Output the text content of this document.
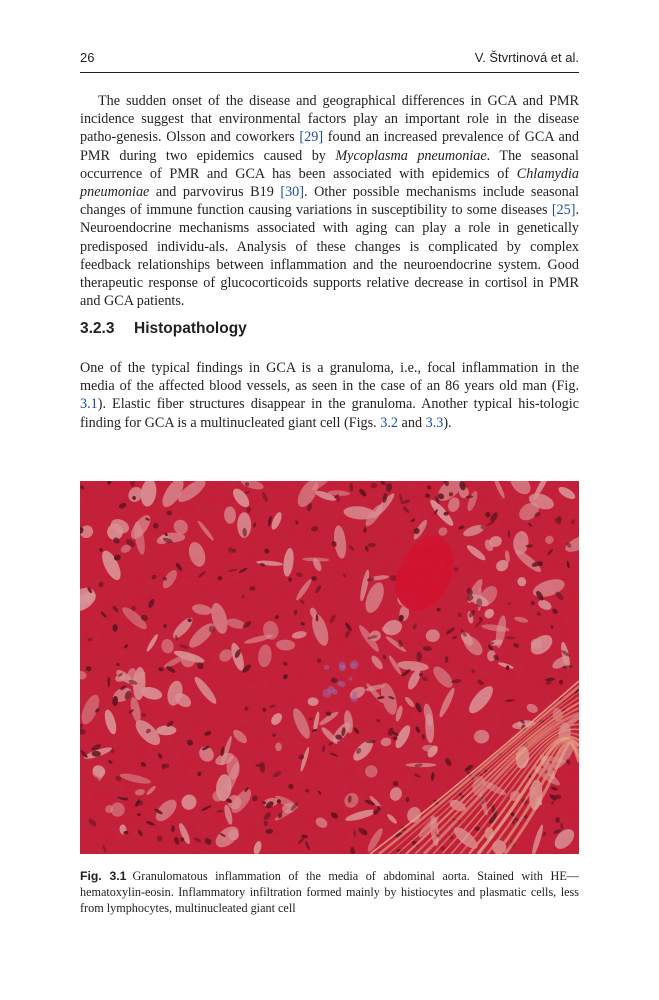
26	V. Štvrtinová et al.

The sudden onset of the disease and geographical differences in GCA and PMR incidence suggest that environmental factors play an important role in the disease patho-genesis. Olsson and coworkers [29] found an increased prevalence of GCA and PMR during two epidemics caused by Mycoplasma pneumoniae. The seasonal occurrence of PMR and GCA has been associated with epidemics of Chlamydia pneumoniae and parvovirus B19 [30]. Other possible mechanisms include seasonal changes of immune function causing variations in susceptibility to some diseases [25]. Neuroendocrine mechanisms associated with aging can play a role in genetically predisposed individu-als. Analysis of these changes is complicated by complex feedback relationships between inflammation and the neuroendocrine system. Good therapeutic response of glucocorticoids supports relative decrease in cortisol in PMR and GCA patients.

3.2.3 Histopathology

One of the typical findings in GCA is a granuloma, i.e., focal inflammation in the media of the affected blood vessels, as seen in the case of an 86 years old man (Fig. 3.1). Elastic fiber structures disappear in the granuloma. Another typical his-tologic finding for GCA is a multinucleated giant cell (Figs. 3.2 and 3.3).

Fig. 3.1 Granulomatous inflammation of the media of abdominal aorta. Stained with HE—hematoxylin-eosin. Inflammatory infiltration formed mainly by histiocytes and plasmatic cells, less from lymphocytes, multinucleated giant cell
